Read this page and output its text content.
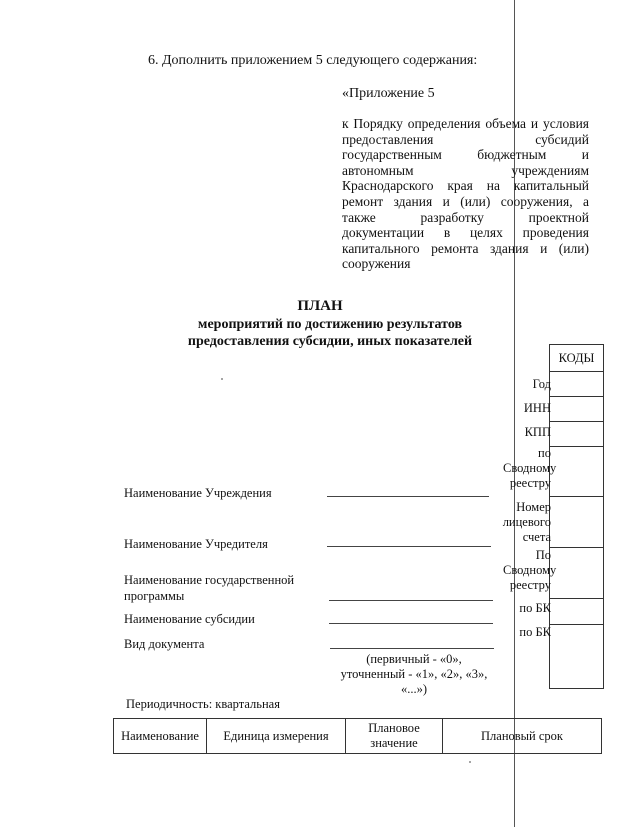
6. Дополнить приложением 5 следующего содержания:
«Приложение 5
к Порядку определения объема и условия предоставления субсидий государственным бюджетным и автономным учреждениям Краснодарского края на капитальный ремонт здания и (или) сооружения, а также разработку проектной документации в целях проведения капитального ремонта здания и (или) сооружения
ПЛАН
мероприятий по достижению результатов
предоставления субсидии, иных показателей
КОДЫ
Год
ИНН
КПП
по Сводному реестру
Номер лицевого счета
По Сводному реестру
по БК
по БК
Наименование Учреждения
Наименование Учредителя
Наименование государственной программы
Наименование субсидии
Вид документа
(первичный - «0», уточненный - «1», «2», «3», «...»)
Периодичность: квартальная
Наименование	Единица измерения	Плановое значение	Плановый срок
